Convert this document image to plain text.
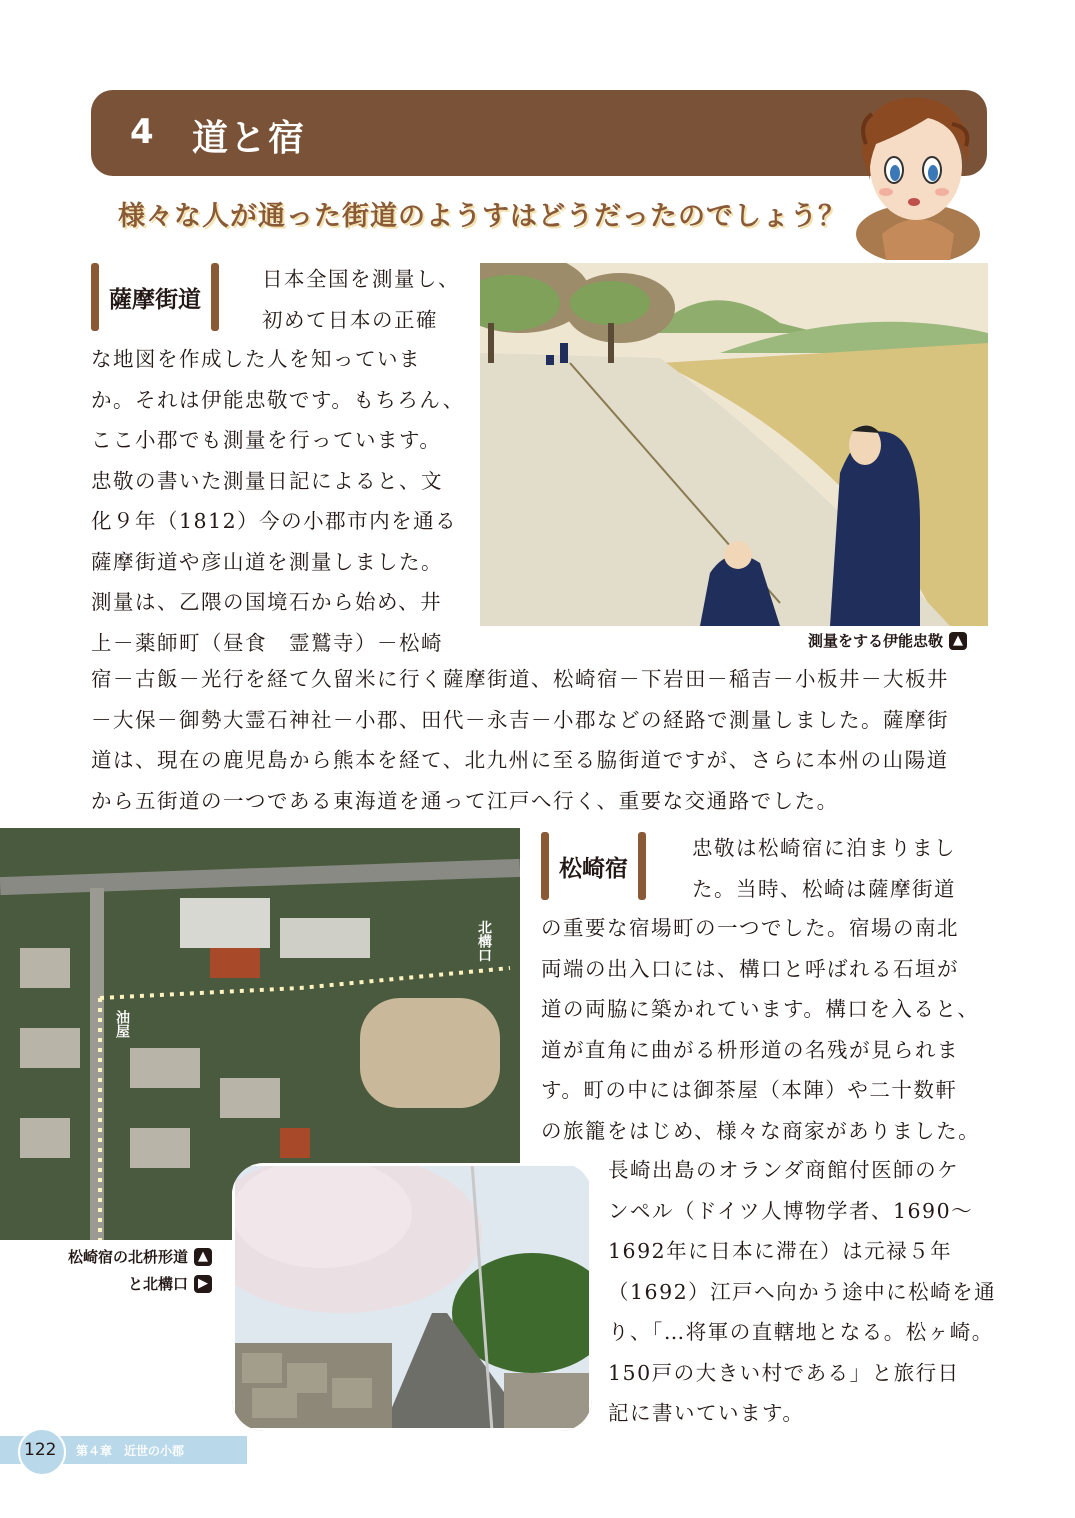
4 道と宿
様々な人が通った街道のようすはどうだったのでしょう？
薩摩街道

日本全国を測量し、

初めて日本の正確

な地図を作成した人を知っていま

か。それは伊能忠敬です。もちろん、

ここ小郡でも測量を行っています。

忠敬の書いた測量日記によると、文

化９年（1812）今の小郡市内を通る

薩摩街道や彦山道を測量しました。

測量は、乙隈の国境石から始め、井

上－薬師町（昼食　霊鷲寺）－松崎	測量をする伊能忠敬 ▲

宿－古飯－光行を経て久留米に行く薩摩街道、松崎宿－下岩田－稲吉－小板井－大板井

－大保－御勢大霊石神社－小郡、田代－永吉－小郡などの経路で測量しました。薩摩街

道は、現在の鹿児島から熊本を経て、北九州に至る脇街道ですが、さらに本州の山陽道

から五街道の一つである東海道を通って江戸へ行く、重要な交通路でした。

北構口
油屋
松崎宿の北枡形道 ▲
と北構口 ▶
松崎宿

忠敬は松崎宿に泊まりまし

た。当時、松崎は薩摩街道

の重要な宿場町の一つでした。宿場の南北

両端の出入口には、構口と呼ばれる石垣が

道の両脇に築かれています。構口を入ると、

道が直角に曲がる枡形道の名残が見られま

す。町の中には御茶屋（本陣）や二十数軒

の旅籠をはじめ、様々な商家がありました。

長崎出島のオランダ商館付医師のケ

ンペル（ドイツ人博物学者、1690～

1692年に日本に滞在）は元禄５年

（1692）江戸へ向かう途中に松崎を通

り、「…将軍の直轄地となる。松ヶ崎。

150戸の大きい村である」と旅行日

記に書いています。

122 第４章　近世の小郡
